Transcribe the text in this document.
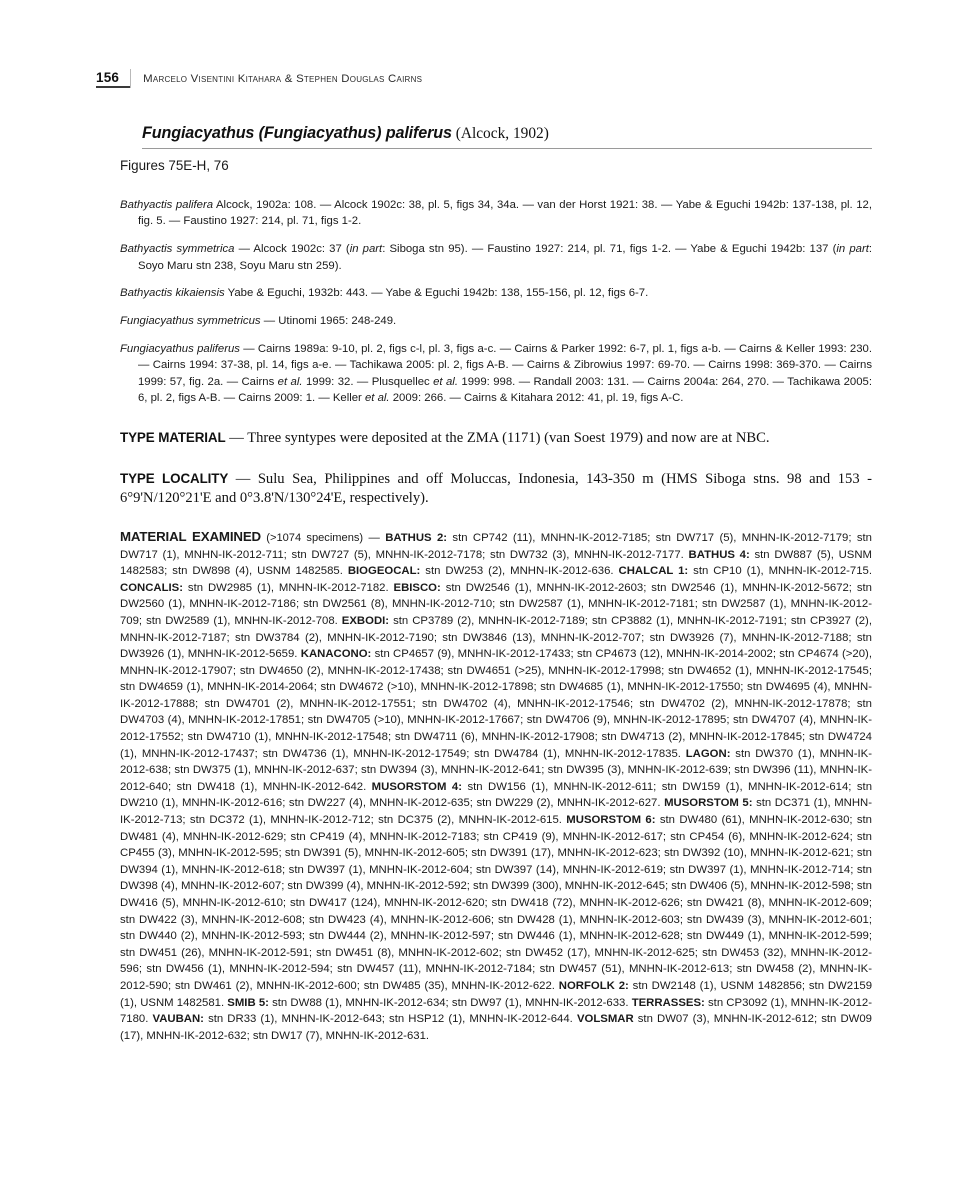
156	Marcelo Visentini Kitahara & Stephen Douglas Cairns
Fungiacyathus (Fungiacyathus) paliferus (Alcock, 1902)
Figures 75E-H, 76

Bathyactis palifera Alcock, 1902a: 108. — Alcock 1902c: 38, pl. 5, figs 34, 34a. — van der Horst 1921: 38. — Yabe & Eguchi 1942b: 137-138, pl. 12, fig. 5. — Faustino 1927: 214, pl. 71, figs 1-2.

Bathyactis symmetrica — Alcock 1902c: 37 (in part: Siboga stn 95). — Faustino 1927: 214, pl. 71, figs 1-2. — Yabe & Eguchi 1942b: 137 (in part: Soyo Maru stn 238, Soyu Maru stn 259).

Bathyactis kikaiensis Yabe & Eguchi, 1932b: 443. — Yabe & Eguchi 1942b: 138, 155-156, pl. 12, figs 6-7.

Fungiacyathus symmetricus — Utinomi 1965: 248-249.

Fungiacyathus paliferus — Cairns 1989a: 9-10, pl. 2, figs c-l, pl. 3, figs a-c. — Cairns & Parker 1992: 6-7, pl. 1, figs a-b. — Cairns & Keller 1993: 230. — Cairns 1994: 37-38, pl. 14, figs a-e. — Tachikawa 2005: pl. 2, figs A-B. — Cairns & Zibrowius 1997: 69-70. — Cairns 1998: 369-370. — Cairns 1999: 57, fig. 2a. — Cairns et al. 1999: 32. — Plusquellec et al. 1999: 998. — Randall 2003: 131. — Cairns 2004a: 264, 270. — Tachikawa 2005: 6, pl. 2, figs A-B. — Cairns 2009: 1. — Keller et al. 2009: 266. — Cairns & Kitahara 2012: 41, pl. 19, figs A-C.

TYPE MATERIAL — Three syntypes were deposited at the ZMA (1171) (van Soest 1979) and now are at NBC.
TYPE LOCALITY — Sulu Sea, Philippines and off Moluccas, Indonesia, 143-350 m (HMS Siboga stns. 98 and 153 - 6°9'N/120°21'E and 0°3.8'N/130°24'E, respectively).
MATERIAL EXAMINED (>1074 specimens) — BATHUS 2: stn CP742 (11), MNHN-IK-2012-7185; stn DW717 (5), MNHN-IK-2012-7179; stn DW717 (1), MNHN-IK-2012-711; stn DW727 (5), MNHN-IK-2012-7178; stn DW732 (3), MNHN-IK-2012-7177. BATHUS 4: stn DW887 (5), USNM 1482583; stn DW898 (4), USNM 1482585. BIOGEOCAL: stn DW253 (2), MNHN-IK-2012-636. CHALCAL 1: stn CP10 (1), MNHN-IK-2012-715. CONCALIS: stn DW2985 (1), MNHN-IK-2012-7182. EBISCO: stn DW2546 (1), MNHN-IK-2012-2603; stn DW2546 (1), MNHN-IK-2012-5672; stn DW2560 (1), MNHN-IK-2012-7186; stn DW2561 (8), MNHN-IK-2012-710; stn DW2587 (1), MNHN-IK-2012-7181; stn DW2587 (1), MNHN-IK-2012-709; stn DW2589 (1), MNHN-IK-2012-708. EXBODI: stn CP3789 (2), MNHN-IK-2012-7189; stn CP3882 (1), MNHN-IK-2012-7191; stn CP3927 (2), MNHN-IK-2012-7187; stn DW3784 (2), MNHN-IK-2012-7190; stn DW3846 (13), MNHN-IK-2012-707; stn DW3926 (7), MNHN-IK-2012-7188; stn DW3926 (1), MNHN-IK-2012-5659. KANACONO: stn CP4657 (9), MNHN-IK-2012-17433; stn CP4673 (12), MNHN-IK-2014-2002; stn CP4674 (>20), MNHN-IK-2012-17907; stn DW4650 (2), MNHN-IK-2012-17438; stn DW4651 (>25), MNHN-IK-2012-17998; stn DW4652 (1), MNHN-IK-2012-17545; stn DW4659 (1), MNHN-IK-2014-2064; stn DW4672 (>10), MNHN-IK-2012-17898; stn DW4685 (1), MNHN-IK-2012-17550; stn DW4695 (4), MNHN-IK-2012-17888; stn DW4701 (2), MNHN-IK-2012-17551; stn DW4702 (4), MNHN-IK-2012-17546; stn DW4702 (2), MNHN-IK-2012-17878; stn DW4703 (4), MNHN-IK-2012-17851; stn DW4705 (>10), MNHN-IK-2012-17667; stn DW4706 (9), MNHN-IK-2012-17895; stn DW4707 (4), MNHN-IK-2012-17552; stn DW4710 (1), MNHN-IK-2012-17548; stn DW4711 (6), MNHN-IK-2012-17908; stn DW4713 (2), MNHN-IK-2012-17845; stn DW4724 (1), MNHN-IK-2012-17437; stn DW4736 (1), MNHN-IK-2012-17549; stn DW4784 (1), MNHN-IK-2012-17835. LAGON: stn DW370 (1), MNHN-IK-2012-638; stn DW375 (1), MNHN-IK-2012-637; stn DW394 (3), MNHN-IK-2012-641; stn DW395 (3), MNHN-IK-2012-639; stn DW396 (11), MNHN-IK-2012-640; stn DW418 (1), MNHN-IK-2012-642. MUSORSTOM 4: stn DW156 (1), MNHN-IK-2012-611; stn DW159 (1), MNHN-IK-2012-614; stn DW210 (1), MNHN-IK-2012-616; stn DW227 (4), MNHN-IK-2012-635; stn DW229 (2), MNHN-IK-2012-627. MUSORSTOM 5: stn DC371 (1), MNHN-IK-2012-713; stn DC372 (1), MNHN-IK-2012-712; stn DC375 (2), MNHN-IK-2012-615. MUSORSTOM 6: stn DW480 (61), MNHN-IK-2012-630; stn DW481 (4), MNHN-IK-2012-629; stn CP419 (4), MNHN-IK-2012-7183; stn CP419 (9), MNHN-IK-2012-617; stn CP454 (6), MNHN-IK-2012-624; stn CP455 (3), MNHN-IK-2012-595; stn DW391 (5), MNHN-IK-2012-605; stn DW391 (17), MNHN-IK-2012-623; stn DW392 (10), MNHN-IK-2012-621; stn DW394 (1), MNHN-IK-2012-618; stn DW397 (1), MNHN-IK-2012-604; stn DW397 (14), MNHN-IK-2012-619; stn DW397 (1), MNHN-IK-2012-714; stn DW398 (4), MNHN-IK-2012-607; stn DW399 (4), MNHN-IK-2012-592; stn DW399 (300), MNHN-IK-2012-645; stn DW406 (5), MNHN-IK-2012-598; stn DW416 (5), MNHN-IK-2012-610; stn DW417 (124), MNHN-IK-2012-620; stn DW418 (72), MNHN-IK-2012-626; stn DW421 (8), MNHN-IK-2012-609; stn DW422 (3), MNHN-IK-2012-608; stn DW423 (4), MNHN-IK-2012-606; stn DW428 (1), MNHN-IK-2012-603; stn DW439 (3), MNHN-IK-2012-601; stn DW440 (2), MNHN-IK-2012-593; stn DW444 (2), MNHN-IK-2012-597; stn DW446 (1), MNHN-IK-2012-628; stn DW449 (1), MNHN-IK-2012-599; stn DW451 (26), MNHN-IK-2012-591; stn DW451 (8), MNHN-IK-2012-602; stn DW452 (17), MNHN-IK-2012-625; stn DW453 (32), MNHN-IK-2012-596; stn DW456 (1), MNHN-IK-2012-594; stn DW457 (11), MNHN-IK-2012-7184; stn DW457 (51), MNHN-IK-2012-613; stn DW458 (2), MNHN-IK-2012-590; stn DW461 (2), MNHN-IK-2012-600; stn DW485 (35), MNHN-IK-2012-622. NORFOLK 2: stn DW2148 (1), USNM 1482856; stn DW2159 (1), USNM 1482581. SMIB 5: stn DW88 (1), MNHN-IK-2012-634; stn DW97 (1), MNHN-IK-2012-633. TERRASSES: stn CP3092 (1), MNHN-IK-2012-7180. VAUBAN: stn DR33 (1), MNHN-IK-2012-643; stn HSP12 (1), MNHN-IK-2012-644. VOLSMAR stn DW07 (3), MNHN-IK-2012-612; stn DW09 (17), MNHN-IK-2012-632; stn DW17 (7), MNHN-IK-2012-631.
